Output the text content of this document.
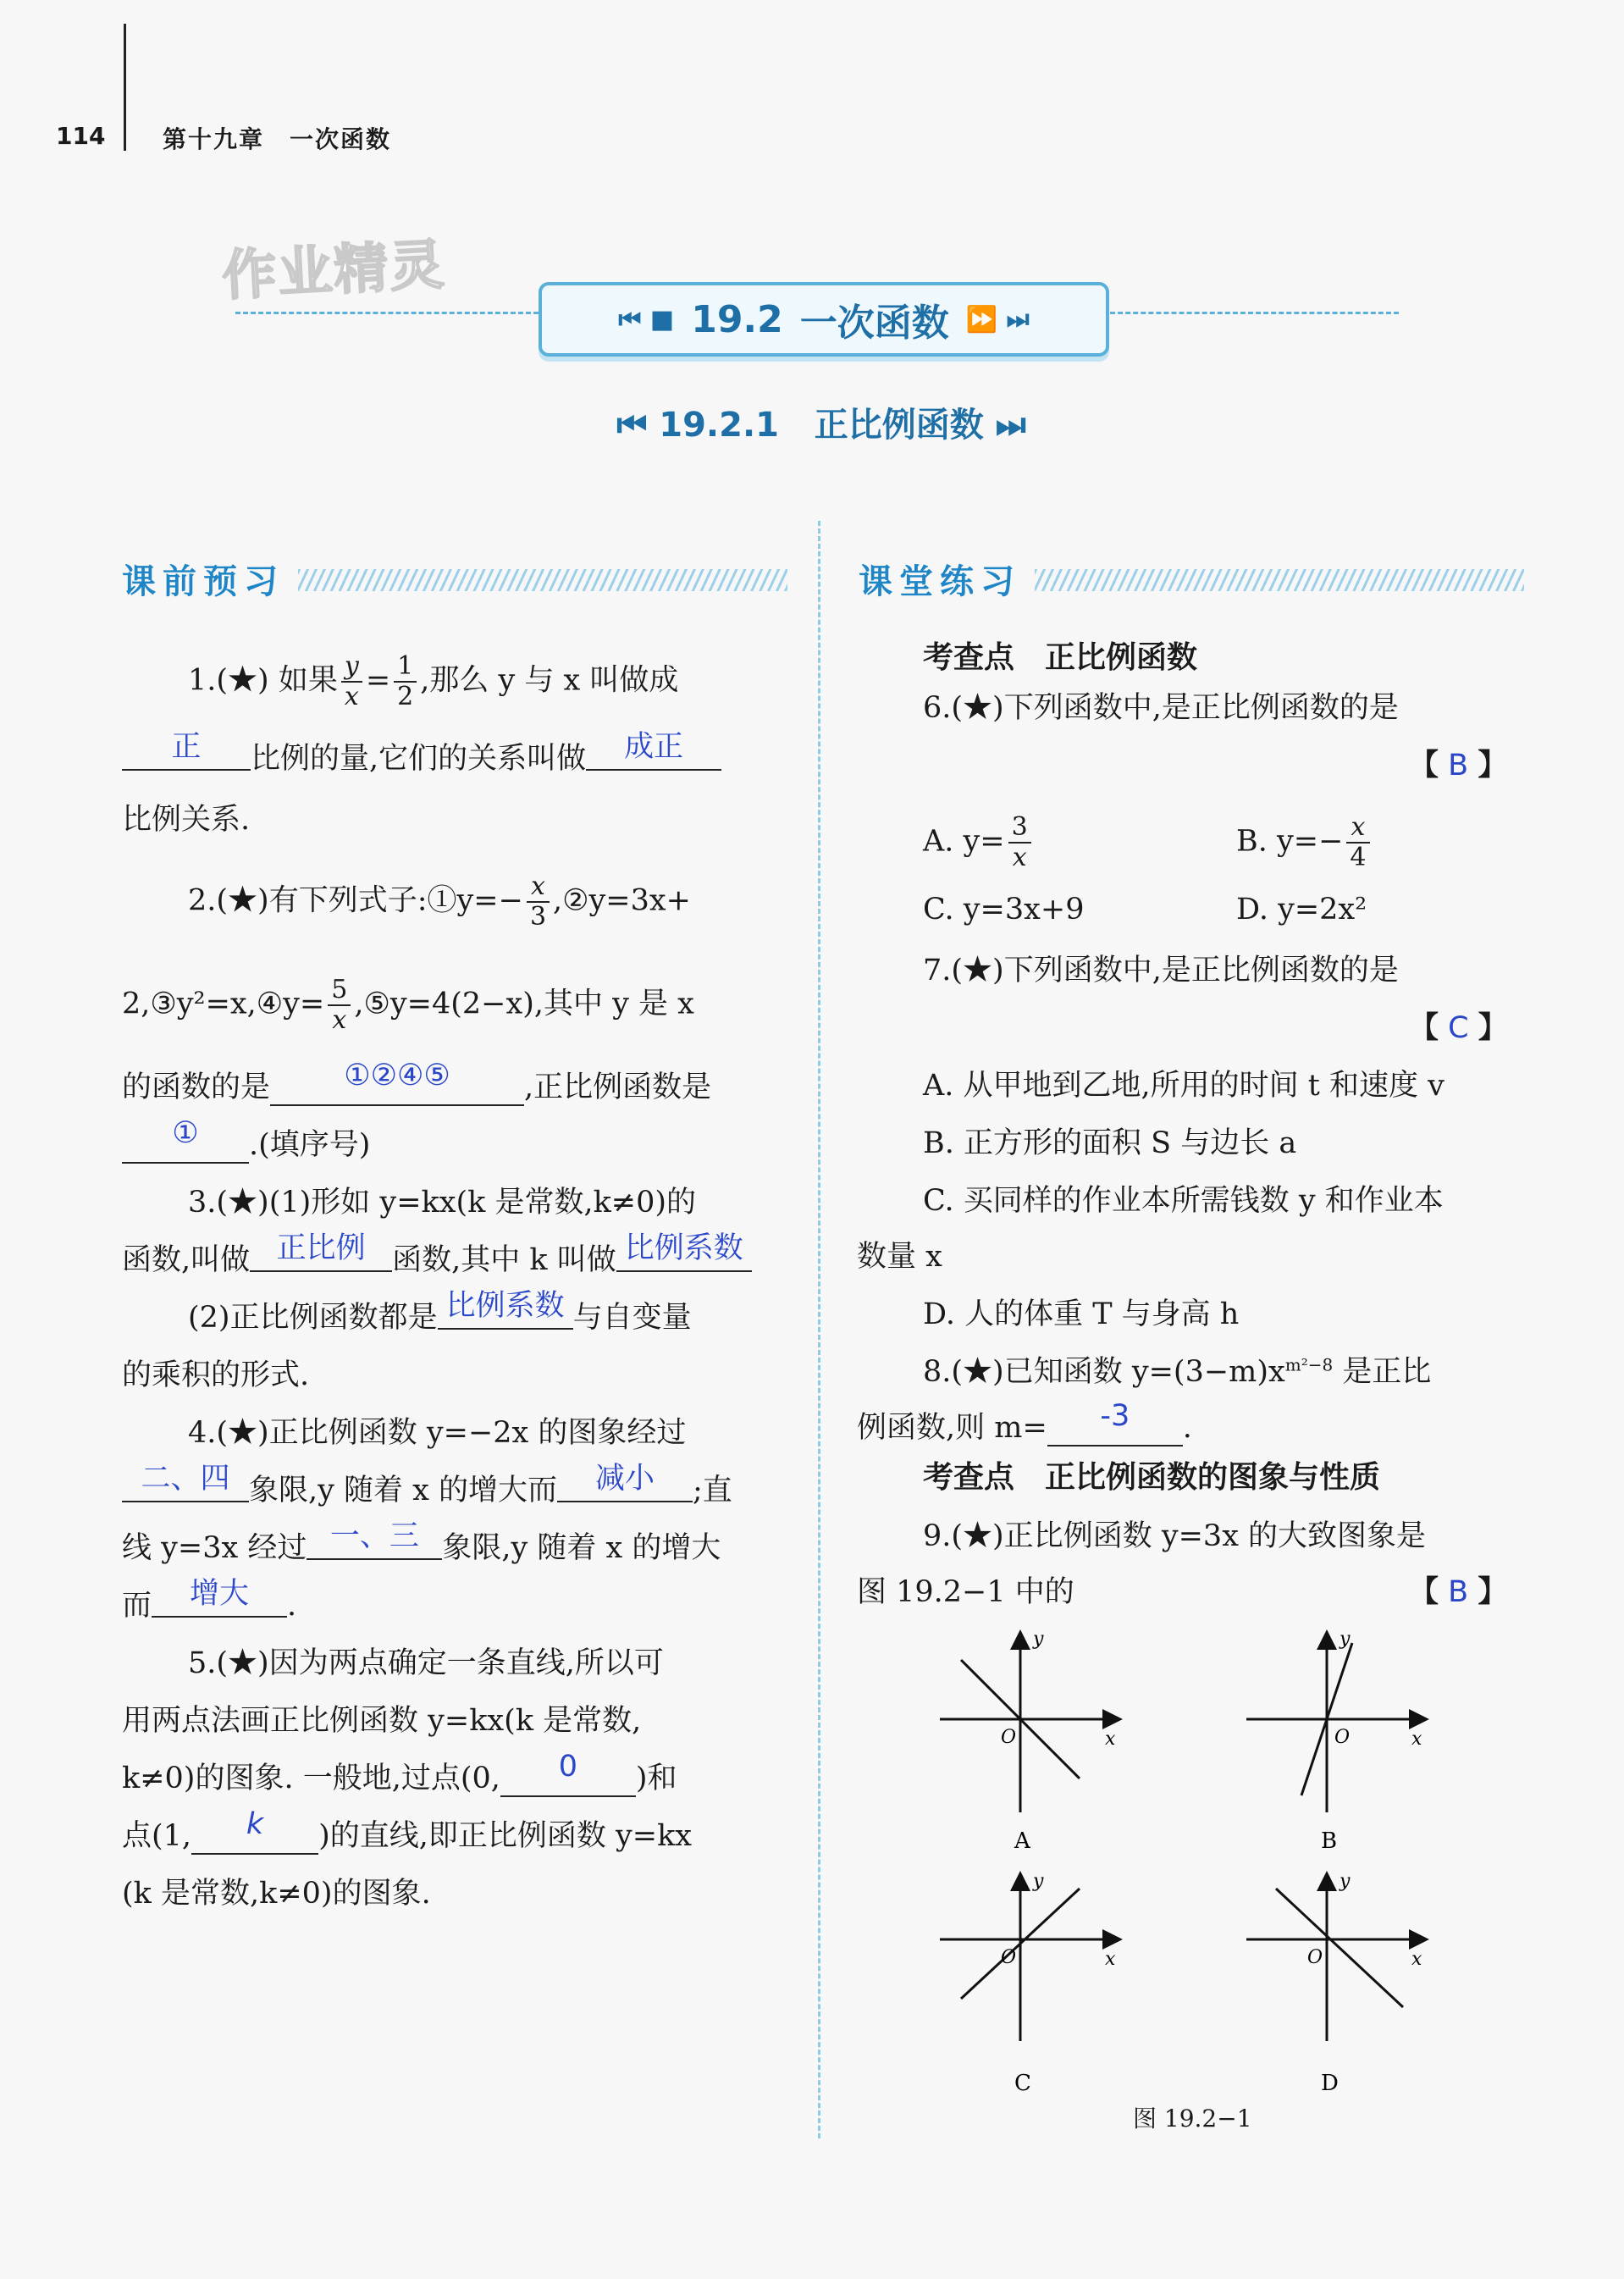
114 第十九章　一次函数
作业精灵
⏮ ■ 19.2 一次函数 ⏩ ⏭
⏮ 19.2.1 正比例函数 ⏭
课前预习
1.(★) 如果 $\frac{y}{x} = \frac{1}{2}$ ,那么 y 与 x 叫做成
正 比例的量,它们的关系叫做 成正
比例关系.
2.(★)有下列式子:①y=− $\frac{x}{3}$ ,②y=3x+
2,③y²=x,④y= $\frac{5}{x}$ ,⑤y=4(2−x),其中 y 是 x
的函数的是 ①②④⑤ ,正比例函数是
① .(填序号)
3.(★)(1)形如 y=kx(k 是常数,k≠0)的
函数,叫做 正比例 函数,其中 k 叫做 比例系数
(2)正比例函数都是 比例系数 与自变量
的乘积的形式.
4.(★)正比例函数 y=−2x 的图象经过
二、四 象限,y 随着 x 的增大而 减小 ;直
线 y=3x 经过 一、三 象限,y 随着 x 的增大
而 增大 .
5.(★)因为两点确定一条直线,所以可
用两点法画正比例函数 y=kx(k 是常数,
k≠0)的图象. 一般地,过点(0, 0 )和
点(1, k )的直线,即正比例函数 y=kx
(k 是常数,k≠0)的图象.
课堂练习
考查点　正比例函数
6.(★)下列函数中,是正比例函数的是
【 B 】
A. $y= \frac{3}{x}$	B. $y=- \frac{x}{4}$
C. y=3x+9	D. y=2x²
7.(★)下列函数中,是正比例函数的是
【 C 】
A. 从甲地到乙地,所用的时间 t 和速度 v
B. 正方形的面积 S 与边长 a
C. 买同样的作业本所需钱数 y 和作业本
数量 x
D. 人的体重 T 与身高 h
8.(★)已知函数 $y=(3-m)x^{m^2-8}$ 是正比
例函数,则 m= -3 .
考查点　正比例函数的图象与性质
9.(★)正比例函数 y=3x 的大致图象是
图 19.2−1 中的	【 B 】
y
x
O
A
y
x
O
B
y
x
O
C
y
x
O
D
图 19.2−1
